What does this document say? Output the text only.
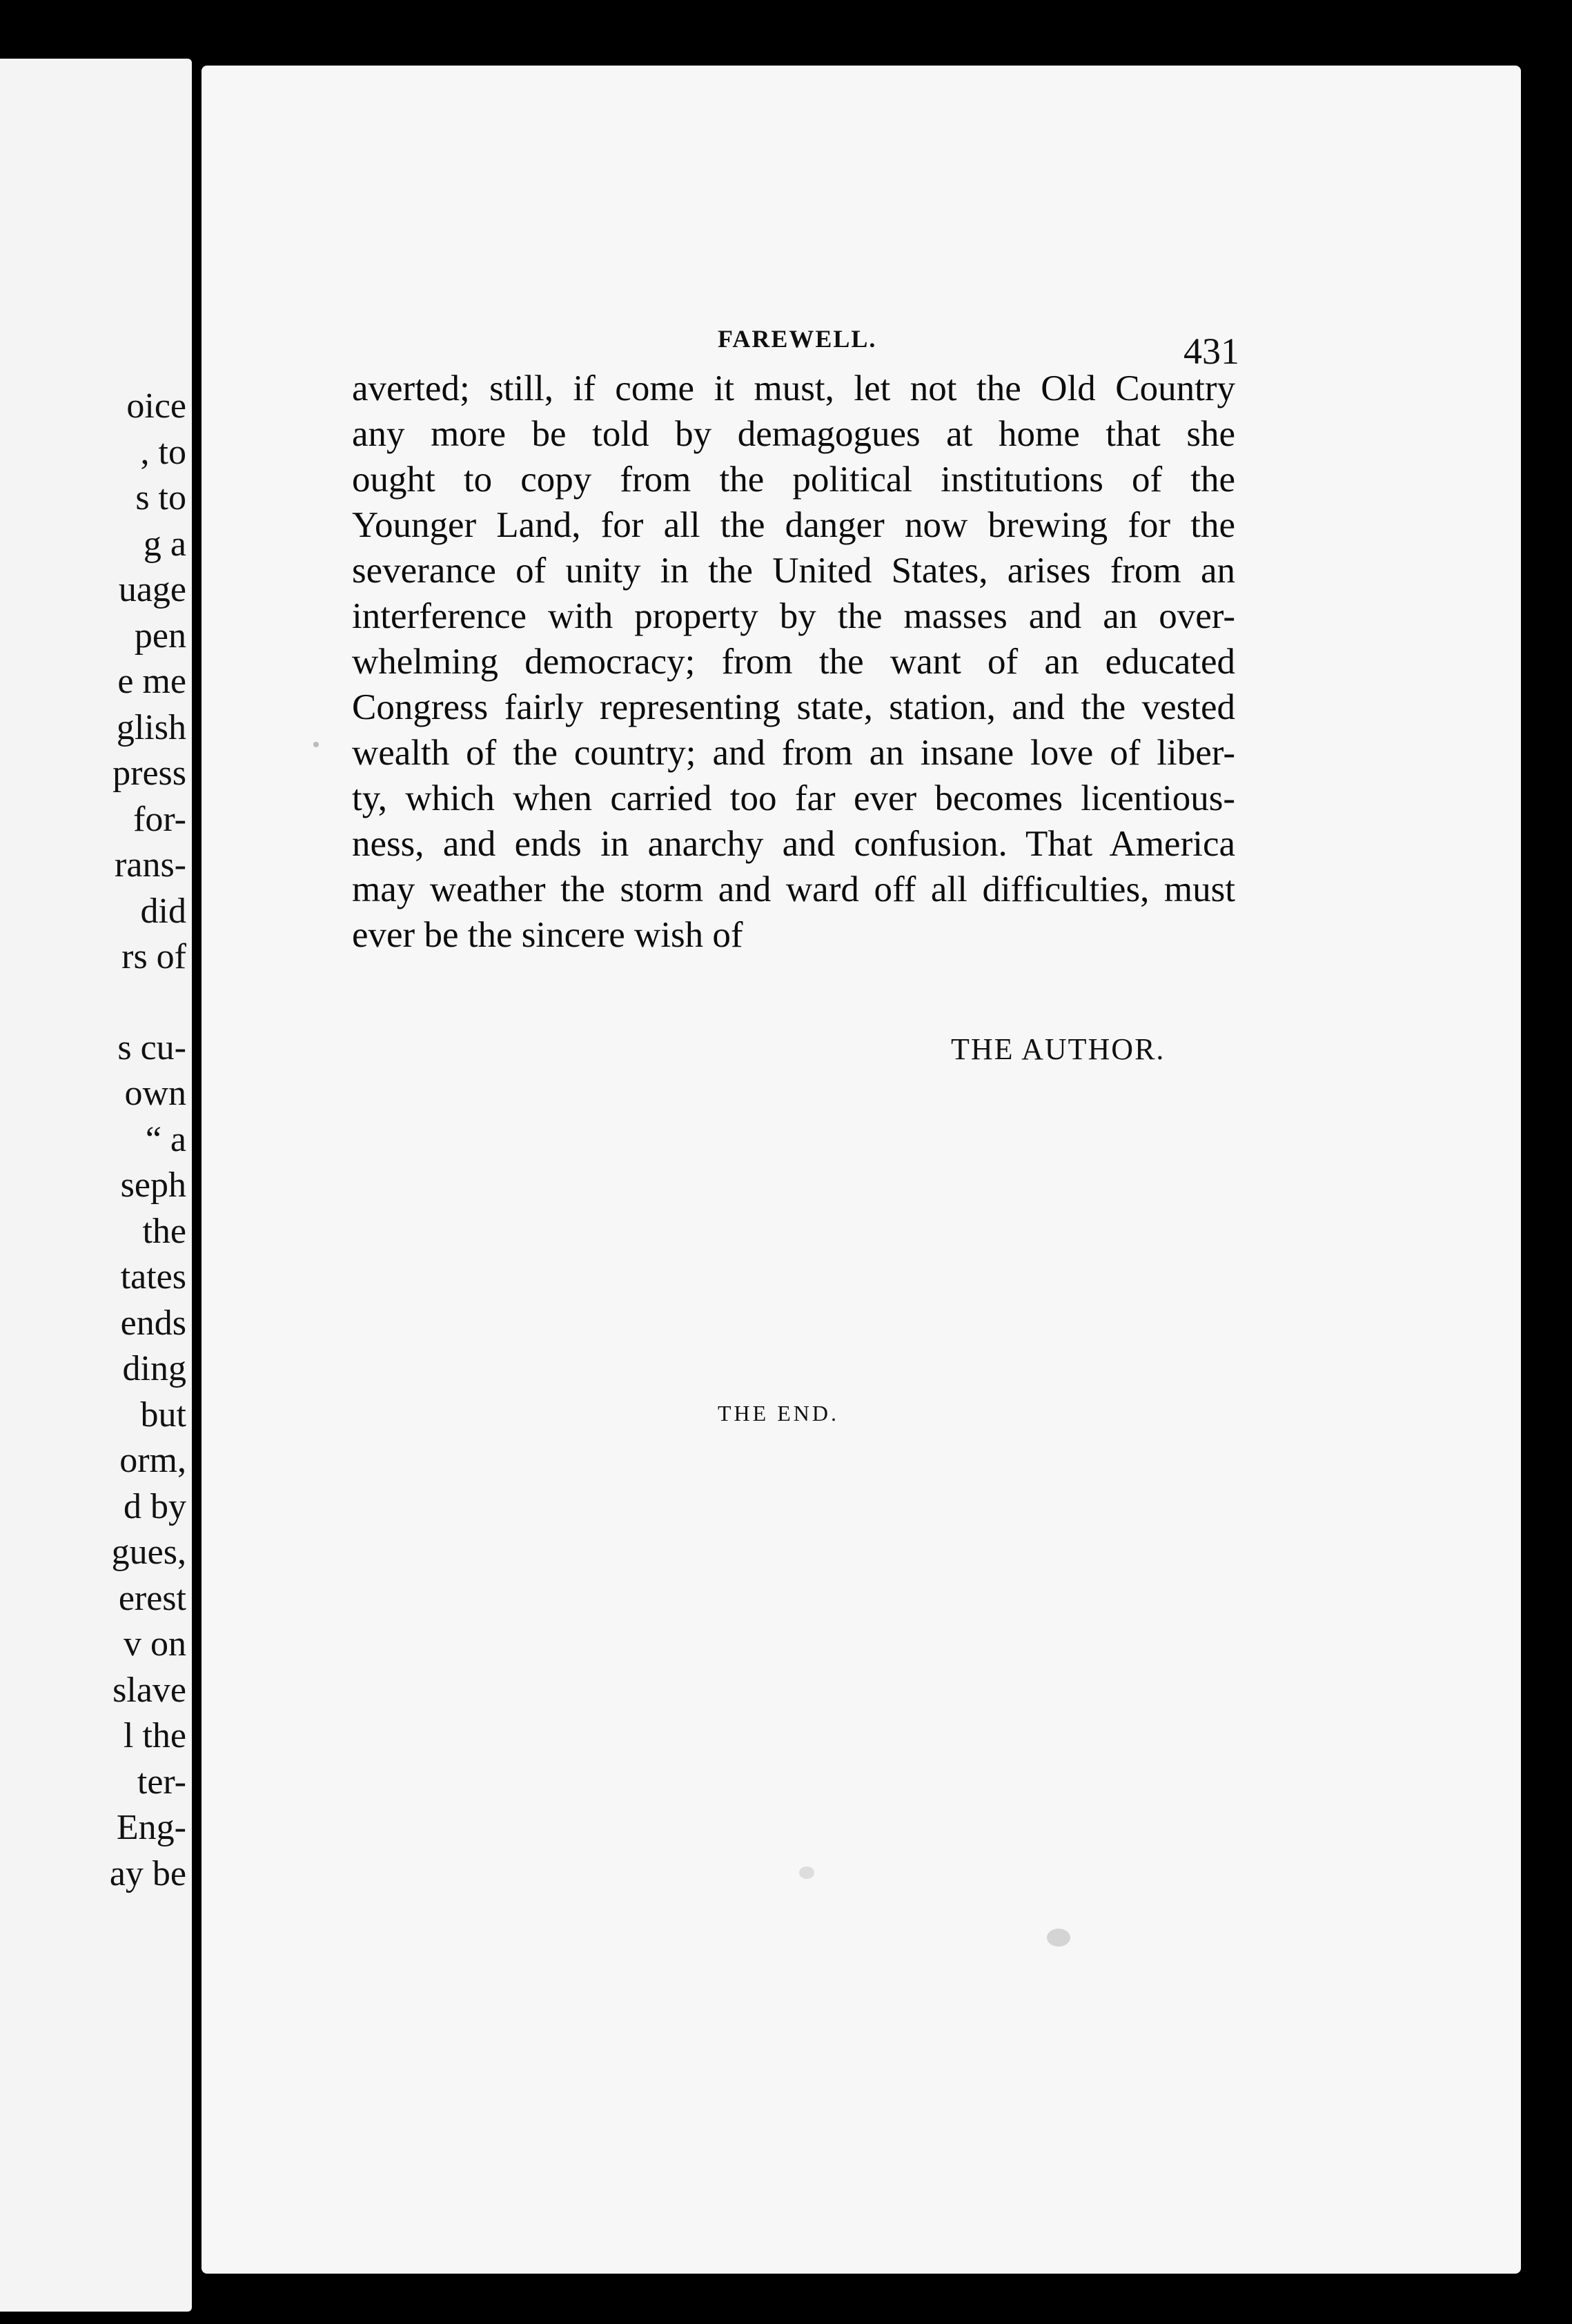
oice
, to
s to
g a
uage
pen
e me
glish
press
for-
rans-
did
rs of
s cu-
own
“ a
seph
the
tates
ends
ding
but
orm,
d by
gues,
erest
v on
slave
l the
ter-
Eng-
ay be
FAREWELL.	431
averted; still, if come it must, let not the Old Country
any more be told by demagogues at home that she
ought to copy from the political institutions of the
Younger Land, for all the danger now brewing for the
severance of unity in the United States, arises from an
interference with property by the masses and an over-
whelming democracy; from the want of an educated
Congress fairly representing state, station, and the vested
wealth of the country; and from an insane love of liber-
ty, which when carried too far ever becomes licentious-
ness, and ends in anarchy and confusion. That America
may weather the storm and ward off all difficulties, must
ever be the sincere wish of
THE AUTHOR.
THE END.
